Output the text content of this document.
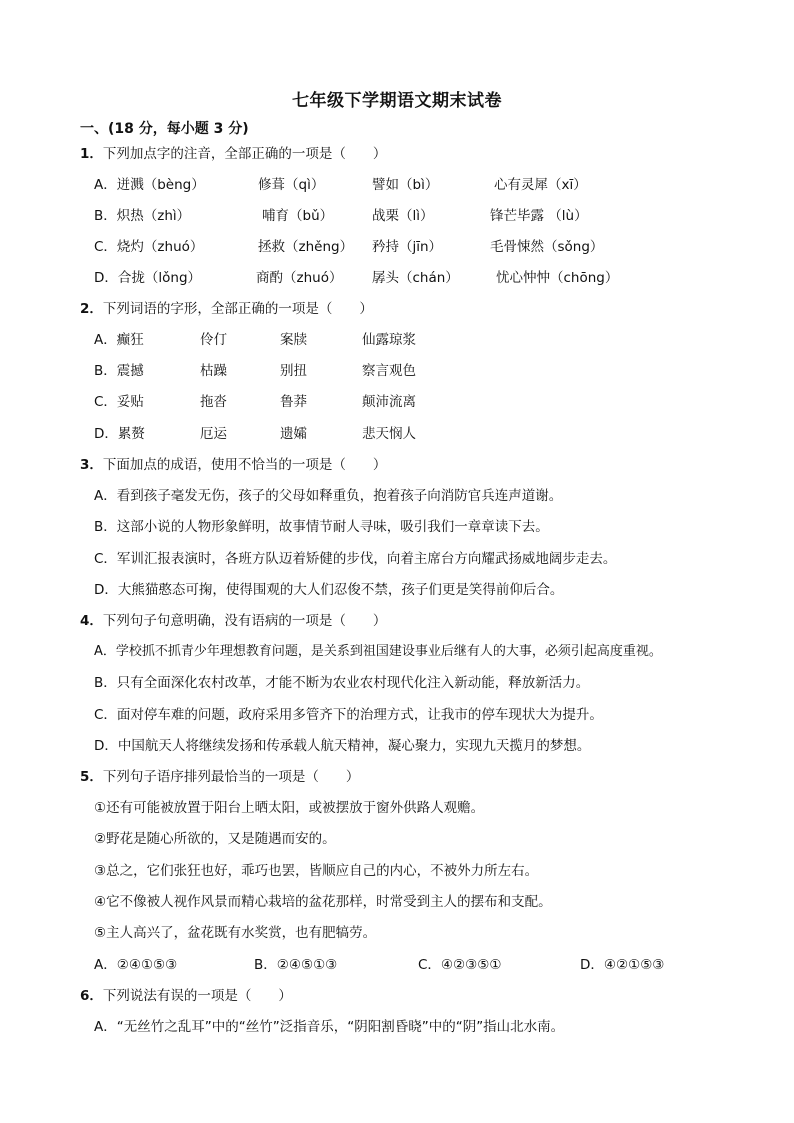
七年级下学期语文期末试卷
一、(18 分，每小题 3 分)
1．下列加点字的注音，全部正确的一项是（　　）
A．迸溅（bèng）	修葺（qì）	譬如（bì）	心有灵犀（xī）
B．炽热（zhì）	哺育（bǔ）	战栗（lì）	锋芒毕露 （lù）
C．烧灼（zhuó）	拯救（zhěng） 矜持（jīn）	毛骨悚然（sǒng）
D．合拢（lǒng）	商酌（zhuó） 孱头（chán）	忧心忡忡（chōng）
2．下列词语的字形，全部正确的一项是（　　）
A．癫狂	伶仃	案牍	仙露琼浆
B．震撼	枯躁	别扭	察言观色
C．妥贴	拖沓	鲁莽	颠沛流离
D．累赘	厄运	遗孀	悲天悯人
3．下面加点的成语，使用不恰当的一项是（　　）
A．看到孩子毫发无伤，孩子的父母如释重负，抱着孩子向消防官兵连声道谢。
B．这部小说的人物形象鲜明，故事情节耐人寻味，吸引我们一章章读下去。
C．军训汇报表演时，各班方队迈着矫健的步伐，向着主席台方向耀武扬威地阔步走去。
D．大熊猫憨态可掬，使得围观的大人们忍俊不禁，孩子们更是笑得前仰后合。
4．下列句子句意明确，没有语病的一项是（　　）
A．学校抓不抓青少年理想教育问题，是关系到祖国建设事业后继有人的大事，必须引起高度重视。
B．只有全面深化农村改革，才能不断为农业农村现代化注入新动能，释放新活力。
C．面对停车难的问题，政府采用多管齐下的治理方式，让我市的停车现状大为提升。
D．中国航天人将继续发扬和传承载人航天精神，凝心聚力，实现九天揽月的梦想。
5．下列句子语序排列最恰当的一项是（　　）
①还有可能被放置于阳台上晒太阳，或被摆放于窗外供路人观赡。
②野花是随心所欲的，又是随遇而安的。
③总之，它们张狂也好，乖巧也罢，皆顺应自己的内心，不被外力所左右。
④它不像被人视作风景而精心栽培的盆花那样，时常受到主人的摆布和支配。
⑤主人高兴了，盆花既有水奖赏，也有肥犒劳。
A．②④①⑤③	B．②④⑤①③	C．④②③⑤①	D．④②①⑤③
6．下列说法有误的一项是（　　）
A．“无丝竹之乱耳”中的“丝竹”泛指音乐，“阴阳割昏晓”中的“阴”指山北水南。
